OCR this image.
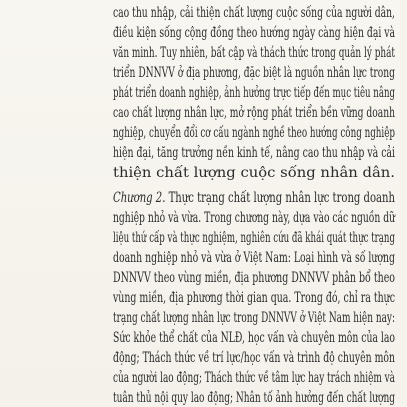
cao thu nhập, cải thiện chất lượng cuộc sống của người dân,
điều kiện sống cộng đồng theo hướng ngày càng hiện đại và
văn minh. Tuy nhiên, bất cập và thách thức trong quản lý phát
triển DNNVV ở địa phương, đặc biệt là nguồn nhân lực trong
phát triển doanh nghiệp, ảnh hưởng trực tiếp đến mục tiêu nâng
cao chất lượng nhân lực, mở rộng phát triển bền vững doanh
nghiệp, chuyển đổi cơ cấu ngành nghề theo hướng công nghiệp
hiện đại, tăng trưởng nền kinh tế, nâng cao thu nhập và cải
thiện chất lượng cuộc sống nhân dân.
Chương 2. Thực trạng chất lượng nhân lực trong doanh
nghiệp nhỏ và vừa. Trong chương này, dựa vào các nguồn dữ
liệu thứ cấp và thực nghiệm, nghiên cứu đã khái quát thực trạng
doanh nghiệp nhỏ và vừa ở Việt Nam: Loại hình và số lượng
DNNVV theo vùng miền, địa phương DNNVV phân bổ theo
vùng miền, địa phương thời gian qua. Trong đó, chỉ ra thực
trạng chất lượng nhân lực trong DNNVV ở Việt Nam hiện nay:
Sức khỏe thể chất của NLĐ, học vấn và chuyên môn của lao
động; Thách thức về trí lực/học vấn và trình độ chuyên môn
của người lao động; Thách thức về tâm lực hay trách nhiệm và
tuân thủ nội quy lao động; Nhân tố ảnh hưởng đến chất lượng
